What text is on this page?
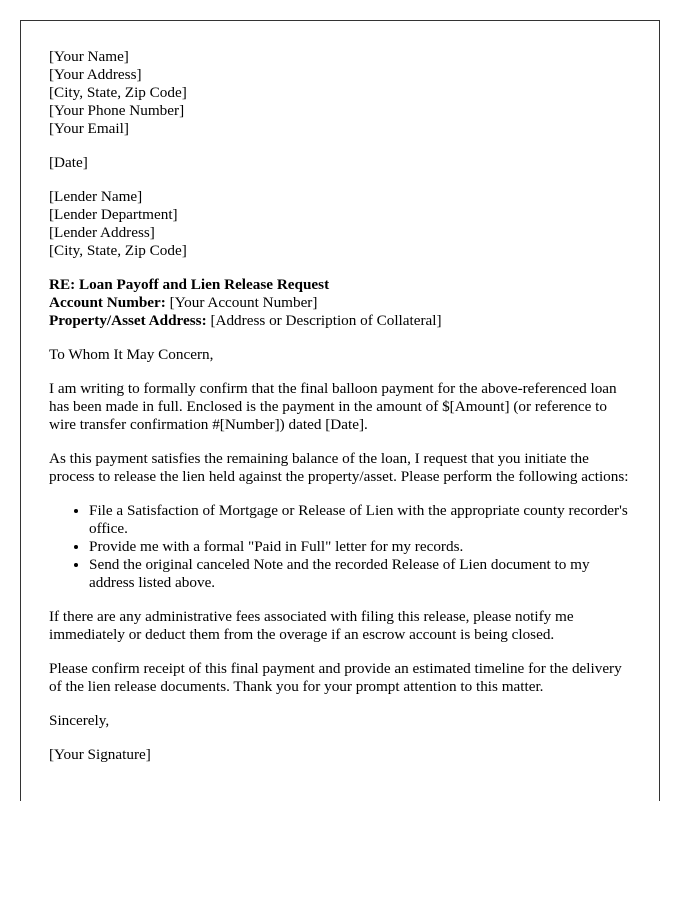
[Your Name]
[Your Address]
[City, State, Zip Code]
[Your Phone Number]
[Your Email]
[Date]
[Lender Name]
[Lender Department]
[Lender Address]
[City, State, Zip Code]
RE: Loan Payoff and Lien Release Request
Account Number: [Your Account Number]
Property/Asset Address: [Address or Description of Collateral]

To Whom It May Concern,

I am writing to formally confirm that the final balloon payment for the above-referenced loan has been made in full. Enclosed is the payment in the amount of $[Amount] (or reference to wire transfer confirmation #[Number]) dated [Date].

As this payment satisfies the remaining balance of the loan, I request that you initiate the process to release the lien held against the property/asset. Please perform the following actions:

• File a Satisfaction of Mortgage or Release of Lien with the appropriate county recorder's office.
• Provide me with a formal "Paid in Full" letter for my records.
• Send the original canceled Note and the recorded Release of Lien document to my address listed above.

If there are any administrative fees associated with filing this release, please notify me immediately or deduct them from the overage if an escrow account is being closed.

Please confirm receipt of this final payment and provide an estimated timeline for the delivery of the lien release documents. Thank you for your prompt attention to this matter.

Sincerely,

[Your Signature]
